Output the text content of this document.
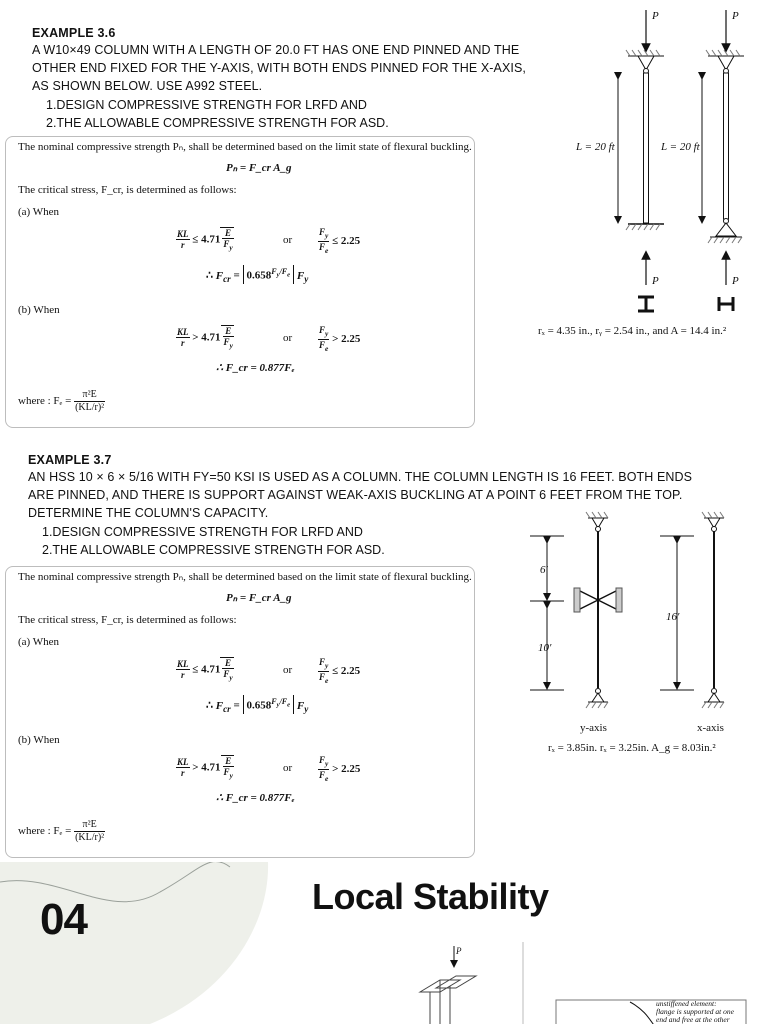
EXAMPLE 3.6

A W10×49 COLUMN WITH A LENGTH OF 20.0 FT HAS ONE END PINNED AND THE
OTHER END FIXED FOR THE Y-AXIS, WITH BOTH ENDS PINNED FOR THE X-AXIS,
AS SHOWN BELOW. USE A992 STEEL.

1.DESIGN COMPRESSIVE STRENGTH FOR LRFD AND
2.THE ALLOWABLE COMPRESSIVE STRENGTH FOR ASD.
The nominal compressive strength Pₙ, shall be determined based on the limit state of flexural buckling.
Pₙ = F_cr A_g
The critical stress, F_cr, is determined as follows:
(a) When
$\frac{KL}{r} \le 4.71 \frac{E}{F_y}$	or	$\frac{F_y}{F_e} \le 2.25$
∴ $F_{cr} = 0.658^{F_y/F_e}$ $F_y$
(b) When
$\frac{KL}{r} > 4.71 \frac{E}{F_y}$	or	$\frac{F_y}{F_e} > 2.25$
∴ F_cr = 0.877Fₑ
where : $F_e = \frac{\text{π²E}}{\text{(KL/r)²}}$
P	P
P	P
L = 20 ft	L = 20 ft
rₓ = 4.35 in., rᵧ = 2.54 in., and A = 14.4 in.²
EXAMPLE 3.7

AN HSS 10 × 6 × 5/16 WITH FY=50 KSI IS USED AS A COLUMN. THE COLUMN LENGTH IS 16 FEET. BOTH ENDS
ARE PINNED, AND THERE IS SUPPORT AGAINST WEAK-AXIS BUCKLING AT A POINT 6 FEET FROM THE TOP.
DETERMINE THE COLUMN'S CAPACITY.

1.DESIGN COMPRESSIVE STRENGTH FOR LRFD AND
2.THE ALLOWABLE COMPRESSIVE STRENGTH FOR ASD.
The nominal compressive strength Pₙ, shall be determined based on the limit state of flexural buckling.
Pₙ = F_cr A_g
The critical stress, F_cr, is determined as follows:
(a) When
$\frac{KL}{r} \le 4.71 \frac{E}{F_y}$	or	$\frac{F_y}{F_e} \le 2.25$
∴ $F_{cr} = 0.658^{F_y/F_e}$ $F_y$
(b) When
$\frac{KL}{r} > 4.71 \frac{E}{F_y}$	or	$\frac{F_y}{F_e} > 2.25$
∴ F_cr = 0.877Fₑ
where : $F_e = \frac{\text{π²E}}{\text{(KL/r)²}}$
6′
10′
16′
y-axis	x-axis
rₓ = 3.85in. rₓ = 3.25in. A_g = 8.03in.²
04	Local Stability
P
unstiffened element:
flange is supported at one
end and free at the other
